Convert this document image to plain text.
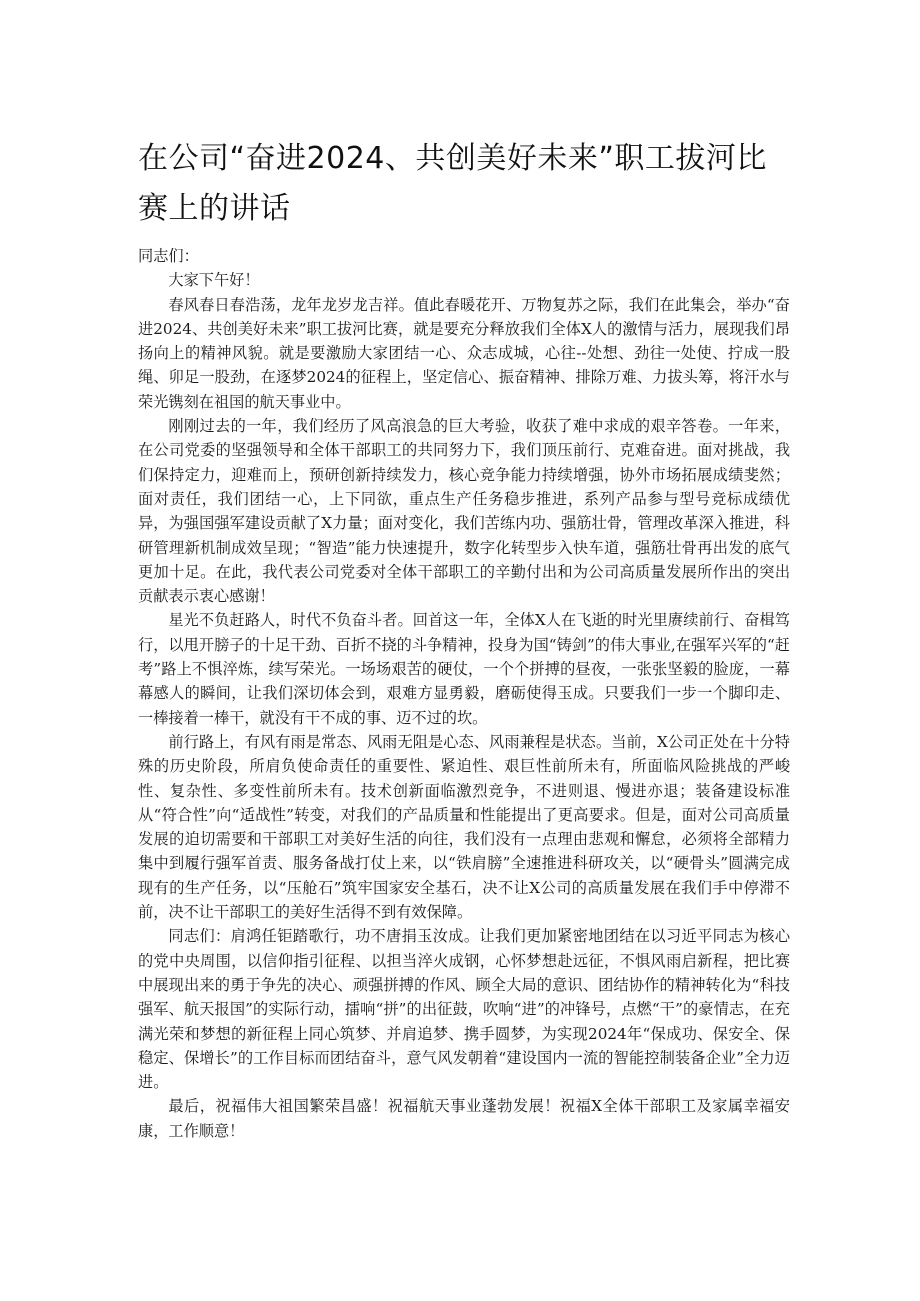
在公司“奋进2024、共创美好未来”职工拔河比赛上的讲话

同志们：

大家下午好！

春风春日春浩荡，龙年龙岁龙吉祥。值此春暖花开、万物复苏之际，我们在此集会，举办“奋进2024、共创美好未来”职工拔河比赛，就是要充分释放我们全体X人的激情与活力，展现我们昂扬向上的精神风貌。就是要激励大家团结一心、众志成城，心往--处想、劲往一处使、拧成一股绳、卯足一股劲，在逐梦2024的征程上，坚定信心、振奋精神、排除万难、力拔头筹，将汗水与荣光镌刻在祖国的航天事业中。

刚刚过去的一年，我们经历了风高浪急的巨大考验，收获了难中求成的艰辛答卷。一年来，在公司党委的坚强领导和全体干部职工的共同努力下，我们顶压前行、克难奋进。面对挑战，我们保持定力，迎难而上，预研创新持续发力，核心竞争能力持续增强，协外市场拓展成绩斐然；面对责任，我们团结一心，上下同欲，重点生产任务稳步推进，系列产品参与型号竞标成绩优异，为强国强军建设贡献了X力量；面对变化，我们苦练内功、强筋壮骨，管理改革深入推进，科研管理新机制成效呈现；“智造”能力快速提升，数字化转型步入快车道，强筋壮骨再出发的底气更加十足。在此，我代表公司党委对全体干部职工的辛勤付出和为公司高质量发展所作出的突出贡献表示衷心感谢！

星光不负赶路人，时代不负奋斗者。回首这一年，全体X人在飞逝的时光里赓续前行、奋楫笃行，以甩开膀子的十足干劲、百折不挠的斗争精神，投身为国“铸剑”的伟大事业,在强军兴军的“赶考”路上不惧淬炼，续写荣光。一场场艰苦的硬仗，一个个拼搏的昼夜，一张张坚毅的脸庞，一幕幕感人的瞬间，让我们深切体会到，艰难方显勇毅，磨砺使得玉成。只要我们一步一个脚印走、一棒接着一棒干，就没有干不成的事、迈不过的坎。

前行路上，有风有雨是常态、风雨无阻是心态、风雨兼程是状态。当前，X公司正处在十分特殊的历史阶段，所肩负使命责任的重要性、紧迫性、艰巨性前所未有，所面临风险挑战的严峻性、复杂性、多变性前所未有。技术创新面临激烈竞争，不进则退、慢进亦退；装备建设标准从“符合性”向“适战性”转变，对我们的产品质量和性能提出了更高要求。但是，面对公司高质量发展的迫切需要和干部职工对美好生活的向往，我们没有一点理由悲观和懈怠，必须将全部精力集中到履行强军首责、服务备战打仗上来，以“铁肩膀”全速推进科研攻关，以“硬骨头”圆满完成现有的生产任务，以“压舱石”筑牢国家安全基石，决不让X公司的高质量发展在我们手中停滞不前，决不让干部职工的美好生活得不到有效保障。

同志们：肩鸿任钜踏歌行，功不唐捐玉汝成。让我们更加紧密地团结在以习近平同志为核心的党中央周围，以信仰指引征程、以担当淬火成钢，心怀梦想赴远征，不惧风雨启新程，把比赛中展现出来的勇于争先的决心、顽强拼搏的作风、顾全大局的意识、团结协作的精神转化为“科技强军、航天报国”的实际行动，擂响“拼”的出征鼓，吹响“进”的冲锋号，点燃“干”的豪情志，在充满光荣和梦想的新征程上同心筑梦、并肩追梦、携手圆梦，为实现2024年“保成功、保安全、保稳定、保增长”的工作目标而团结奋斗，意气风发朝着“建设国内一流的智能控制装备企业”全力迈进。

最后，祝福伟大祖国繁荣昌盛！祝福航天事业蓬勃发展！祝福X全体干部职工及家属幸福安康，工作顺意！
